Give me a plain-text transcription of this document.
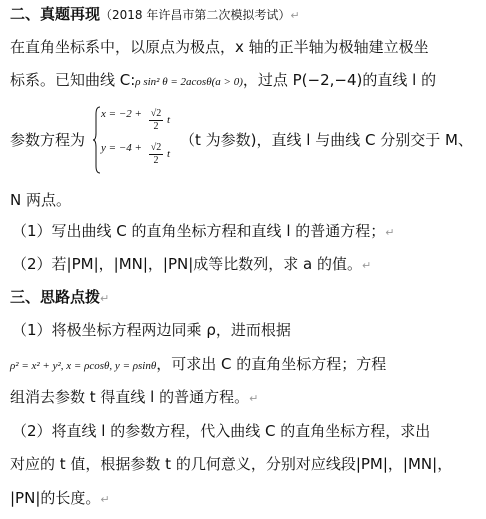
二、真题再现（2018 年许昌市第二次模拟考试）↵
在直角坐标系中，以原点为极点，x 轴的正半轴为极轴建立极坐
标系。已知曲线 C:ρ sin² θ = 2acosθ(a > 0)，过点 P(−2,−4)的直线 l 的
参数方程为
$x = -2 + \frac{√2}{2}$ t
$y = -4 + \frac{√2}{2}$ t
（t 为参数)，直线 l 与曲线 C 分别交于 M、
N 两点。
（1）写出曲线 C 的直角坐标方程和直线 l 的普通方程；↵
（2）若|PM|，|MN|，|PN|成等比数列，求 a 的值。↵
三、思路点拨↵
（1）将极坐标方程两边同乘 ρ，进而根据
ρ² = x² + y², x = ρcosθ, y = ρsinθ，可求出 C 的直角坐标方程；方程
组消去参数 t 得直线 l 的普通方程。↵
（2）将直线 l 的参数方程，代入曲线 C 的直角坐标方程，求出
对应的 t 值，根据参数 t 的几何意义，分别对应线段|PM|，|MN|，
|PN|的长度。↵
